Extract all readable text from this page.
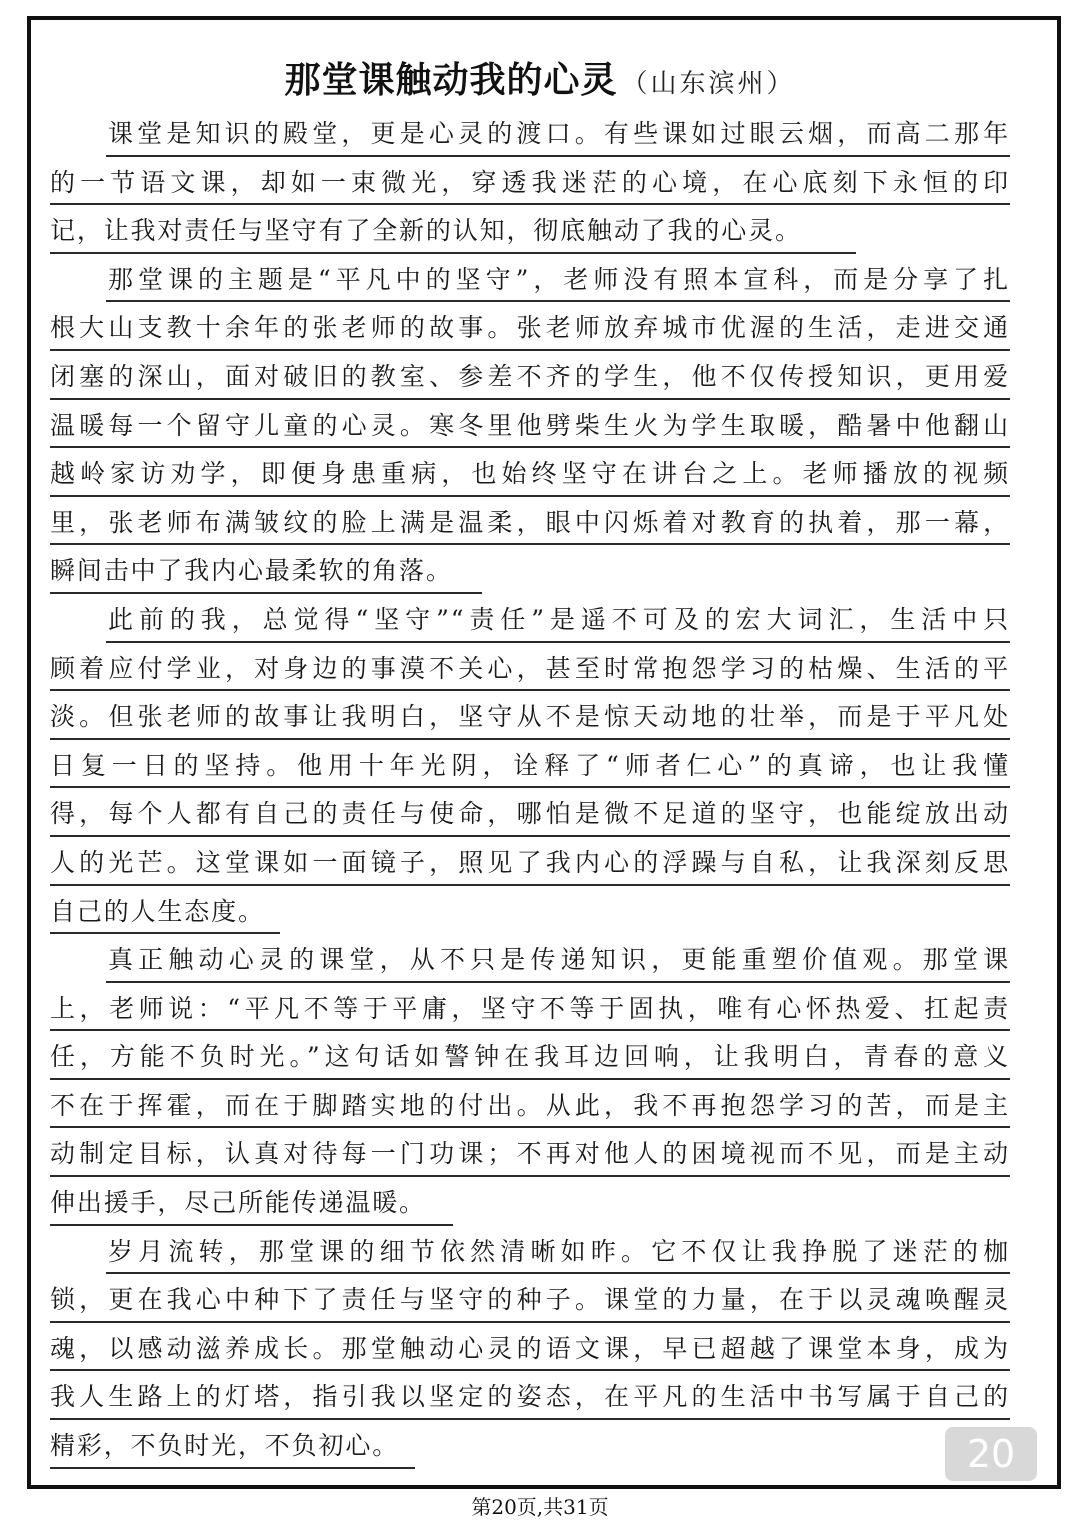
那堂课触动我的心灵 （山东滨州）
课堂是知识的殿堂，更是心灵的渡口。有些课如过眼云烟，而高二那年
的一节语文课，却如一束微光，穿透我迷茫的心境，在心底刻下永恒的印
记，让我对责任与坚守有了全新的认知，彻底触动了我的心灵。
那堂课的主题是“平凡中的坚守”，老师没有照本宣科，而是分享了扎
根大山支教十余年的张老师的故事。张老师放弃城市优渥的生活，走进交通
闭塞的深山，面对破旧的教室、参差不齐的学生，他不仅传授知识，更用爱
温暖每一个留守儿童的心灵。寒冬里他劈柴生火为学生取暖，酷暑中他翻山
越岭家访劝学，即便身患重病，也始终坚守在讲台之上。老师播放的视频
里，张老师布满皱纹的脸上满是温柔，眼中闪烁着对教育的执着，那一幕，
瞬间击中了我内心最柔软的角落。
此前的我，总觉得“坚守”“责任”是遥不可及的宏大词汇，生活中只
顾着应付学业，对身边的事漠不关心，甚至时常抱怨学习的枯燥、生活的平
淡。但张老师的故事让我明白，坚守从不是惊天动地的壮举，而是于平凡处
日复一日的坚持。他用十年光阴，诠释了“师者仁心”的真谛，也让我懂
得，每个人都有自己的责任与使命，哪怕是微不足道的坚守，也能绽放出动
人的光芒。这堂课如一面镜子，照见了我内心的浮躁与自私，让我深刻反思
自己的人生态度。
真正触动心灵的课堂，从不只是传递知识，更能重塑价值观。那堂课
上，老师说：“平凡不等于平庸，坚守不等于固执，唯有心怀热爱、扛起责
任，方能不负时光。”这句话如警钟在我耳边回响，让我明白，青春的意义
不在于挥霍，而在于脚踏实地的付出。从此，我不再抱怨学习的苦，而是主
动制定目标，认真对待每一门功课；不再对他人的困境视而不见，而是主动
伸出援手，尽己所能传递温暖。
岁月流转，那堂课的细节依然清晰如昨。它不仅让我挣脱了迷茫的枷
锁，更在我心中种下了责任与坚守的种子。课堂的力量，在于以灵魂唤醒灵
魂，以感动滋养成长。那堂触动心灵的语文课，早已超越了课堂本身，成为
我人生路上的灯塔，指引我以坚定的姿态，在平凡的生活中书写属于自己的
精彩，不负时光，不负初心。	20
第20页,共31页
